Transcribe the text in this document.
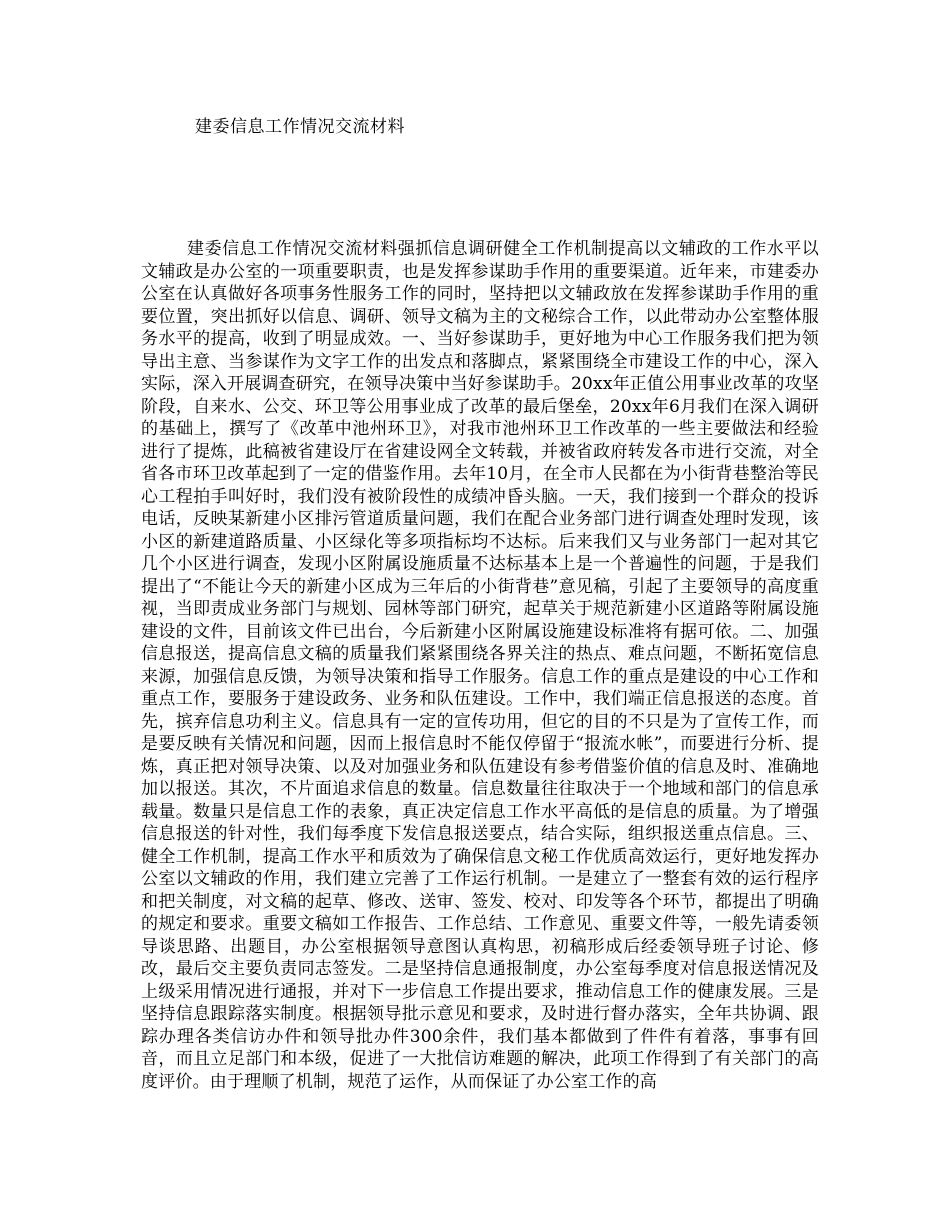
建委信息工作情况交流材料
建委信息工作情况交流材料强抓信息调研健全工作机制提高以文辅政的工作水平以文辅政是办公室的一项重要职责，也是发挥参谋助手作用的重要渠道。近年来，市建委办公室在认真做好各项事务性服务工作的同时，坚持把以文辅政放在发挥参谋助手作用的重要位置，突出抓好以信息、调研、领导文稿为主的文秘综合工作，以此带动办公室整体服务水平的提高，收到了明显成效。一、当好参谋助手，更好地为中心工作服务我们把为领导出主意、当参谋作为文字工作的出发点和落脚点，紧紧围绕全市建设工作的中心，深入实际，深入开展调查研究，在领导决策中当好参谋助手。20xx年正值公用事业改革的攻坚阶段，自来水、公交、环卫等公用事业成了改革的最后堡垒，20xx年6月我们在深入调研的基础上，撰写了《改革中池州环卫》，对我市池州环卫工作改革的一些主要做法和经验进行了提炼，此稿被省建设厅在省建设网全文转载，并被省政府转发各市进行交流，对全省各市环卫改革起到了一定的借鉴作用。去年10月，在全市人民都在为小街背巷整治等民心工程拍手叫好时，我们没有被阶段性的成绩冲昏头脑。一天，我们接到一个群众的投诉电话，反映某新建小区排污管道质量问题，我们在配合业务部门进行调查处理时发现，该小区的新建道路质量、小区绿化等多项指标均不达标。后来我们又与业务部门一起对其它几个小区进行调查，发现小区附属设施质量不达标基本上是一个普遍性的问题，于是我们提出了“不能让今天的新建小区成为三年后的小街背巷”意见稿，引起了主要领导的高度重视，当即责成业务部门与规划、园林等部门研究，起草关于规范新建小区道路等附属设施建设的文件，目前该文件已出台，今后新建小区附属设施建设标准将有据可依。二、加强信息报送，提高信息文稿的质量我们紧紧围绕各界关注的热点、难点问题，不断拓宽信息来源，加强信息反馈，为领导决策和指导工作服务。信息工作的重点是建设的中心工作和重点工作，要服务于建设政务、业务和队伍建设。工作中，我们端正信息报送的态度。首先，摈弃信息功利主义。信息具有一定的宣传功用，但它的目的不只是为了宣传工作，而是要反映有关情况和问题，因而上报信息时不能仅停留于“报流水帐”，而要进行分析、提炼，真正把对领导决策、以及对加强业务和队伍建设有参考借鉴价值的信息及时、准确地加以报送。其次，不片面追求信息的数量。信息数量往往取决于一个地域和部门的信息承载量。数量只是信息工作的表象，真正决定信息工作水平高低的是信息的质量。为了增强信息报送的针对性，我们每季度下发信息报送要点，结合实际，组织报送重点信息。三、健全工作机制，提高工作水平和质效为了确保信息文秘工作优质高效运行，更好地发挥办公室以文辅政的作用，我们建立完善了工作运行机制。一是建立了一整套有效的运行程序和把关制度，对文稿的起草、修改、送审、签发、校对、印发等各个环节，都提出了明确的规定和要求。重要文稿如工作报告、工作总结、工作意见、重要文件等，一般先请委领导谈思路、出题目，办公室根据领导意图认真构思，初稿形成后经委领导班子讨论、修改，最后交主要负责同志签发。二是坚持信息通报制度，办公室每季度对信息报送情况及上级采用情况进行通报，并对下一步信息工作提出要求，推动信息工作的健康发展。三是坚持信息跟踪落实制度。根据领导批示意见和要求，及时进行督办落实，全年共协调、跟踪办理各类信访办件和领导批办件300余件，我们基本都做到了件件有着落，事事有回音，而且立足部门和本级，促进了一大批信访难题的解决，此项工作得到了有关部门的高度评价。由于理顺了机制，规范了运作，从而保证了办公室工作的高
